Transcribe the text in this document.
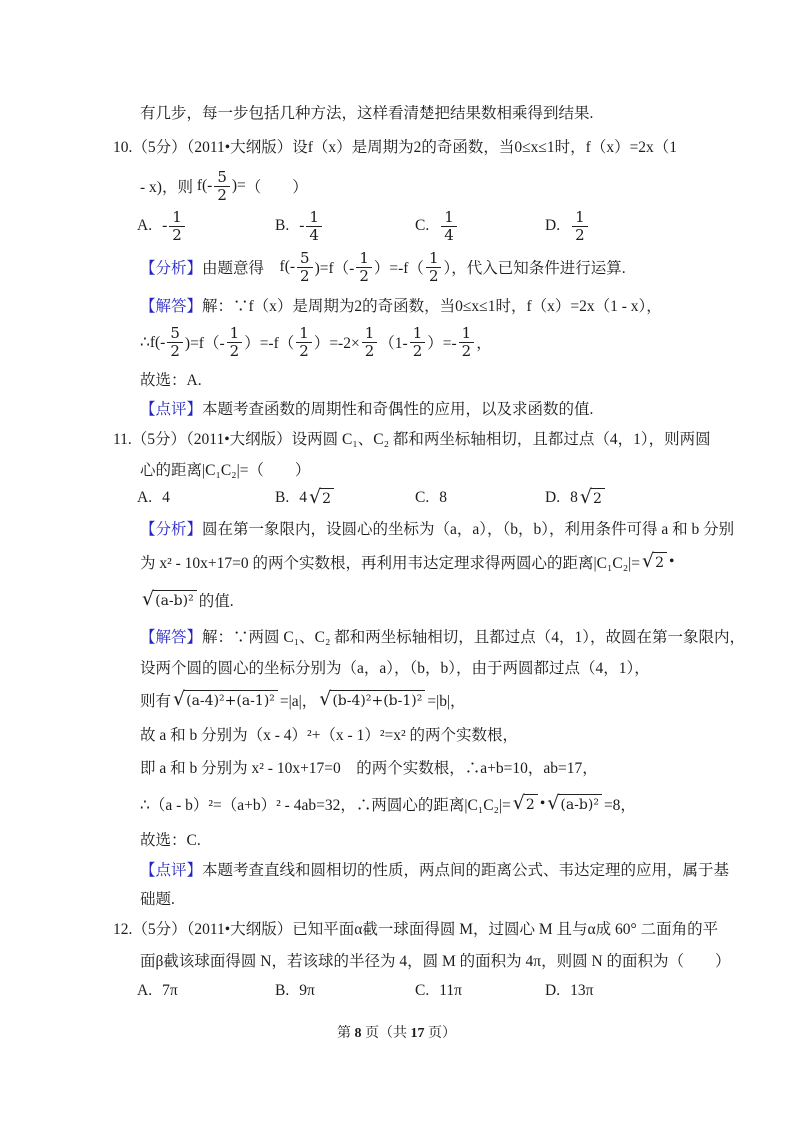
有几步，每一步包括几种方法，这样看清楚把结果数相乘得到结果.
10.（5分）（2011•大纲版）设f（x）是周期为2的奇函数，当0≤x≤1时，f（x）=2x（1
- x)，则 $f(- \frac{5}{2}$ )= （　　）
A. - $\frac{1}{2}$	B. - $\frac{1}{4}$	C. $\frac{1}{4}$	D. $\frac{1}{2}$
【分析】 由题意得　 $f(- \frac{5}{2} )=f(- \frac{1}{2} )=-f( \frac{1}{2}$ ），代入已知条件进行运算.
【解答】 解：∵f（x）是周期为2的奇函数，当0≤x≤1时，f（x）=2x（1 - x），
∴f(- $\frac{5}{2} )=f(- \frac{1}{2} )=-f( \frac{1}{2} )=-2\times \frac{1}{2} (1- \frac{1}{2}$ ）=- $\frac{1}{2}$ ，
故选：A.
【点评】 本题考查函数的周期性和奇偶性的应用，以及求函数的值.
11.（5分）（2011•大纲版）设两圆 C₁、C₂ 都和两坐标轴相切，且都过点（4，1），则两圆
心的距离|C₁C₂|=（　　）
A. 4	B. 4 √ 2	C. 8	D. 8 √ 2
【分析】 圆在第一象限内，设圆心的坐标为（a，a），（b，b），利用条件可得 a 和 b 分别
为 x² - 10x+17=0 的两个实数根，再利用韦达定理求得两圆心的距离|C₁C₂|= √ 2 •
√ (a-b)² 的值.
【解答】 解：∵两圆 C₁、C₂ 都和两坐标轴相切，且都过点（4，1），故圆在第一象限内，
设两个圆的圆心的坐标分别为（a，a），（b，b），由于两圆都过点（4，1），
则有 √ (a-4)²+(a-1)² =|a|， √ (b-4)²+(b-1)² =|b|，
故 a 和 b 分别为（x - 4）²+（x - 1）²=x² 的两个实数根，
即 a 和 b 分别为 x² - 10x+17=0　的两个实数根，∴a+b=10，ab=17，
∴（a - b）²=（a+b）² - 4ab=32，∴两圆心的距离|C₁C₂|= √ 2 • √ (a-b)² =8，
故选：C.
【点评】 本题考查直线和圆相切的性质，两点间的距离公式、韦达定理的应用，属于基
础题.
12.（5分）（2011•大纲版）已知平面α截一球面得圆 M，过圆心 M 且与α成 60° 二面角的平
面β截该球面得圆 N，若该球的半径为 4，圆 M 的面积为 4π，则圆 N 的面积为（　　）
A. 7π	B. 9π	C. 11π	D. 13π
第 8 页（共 17 页）
